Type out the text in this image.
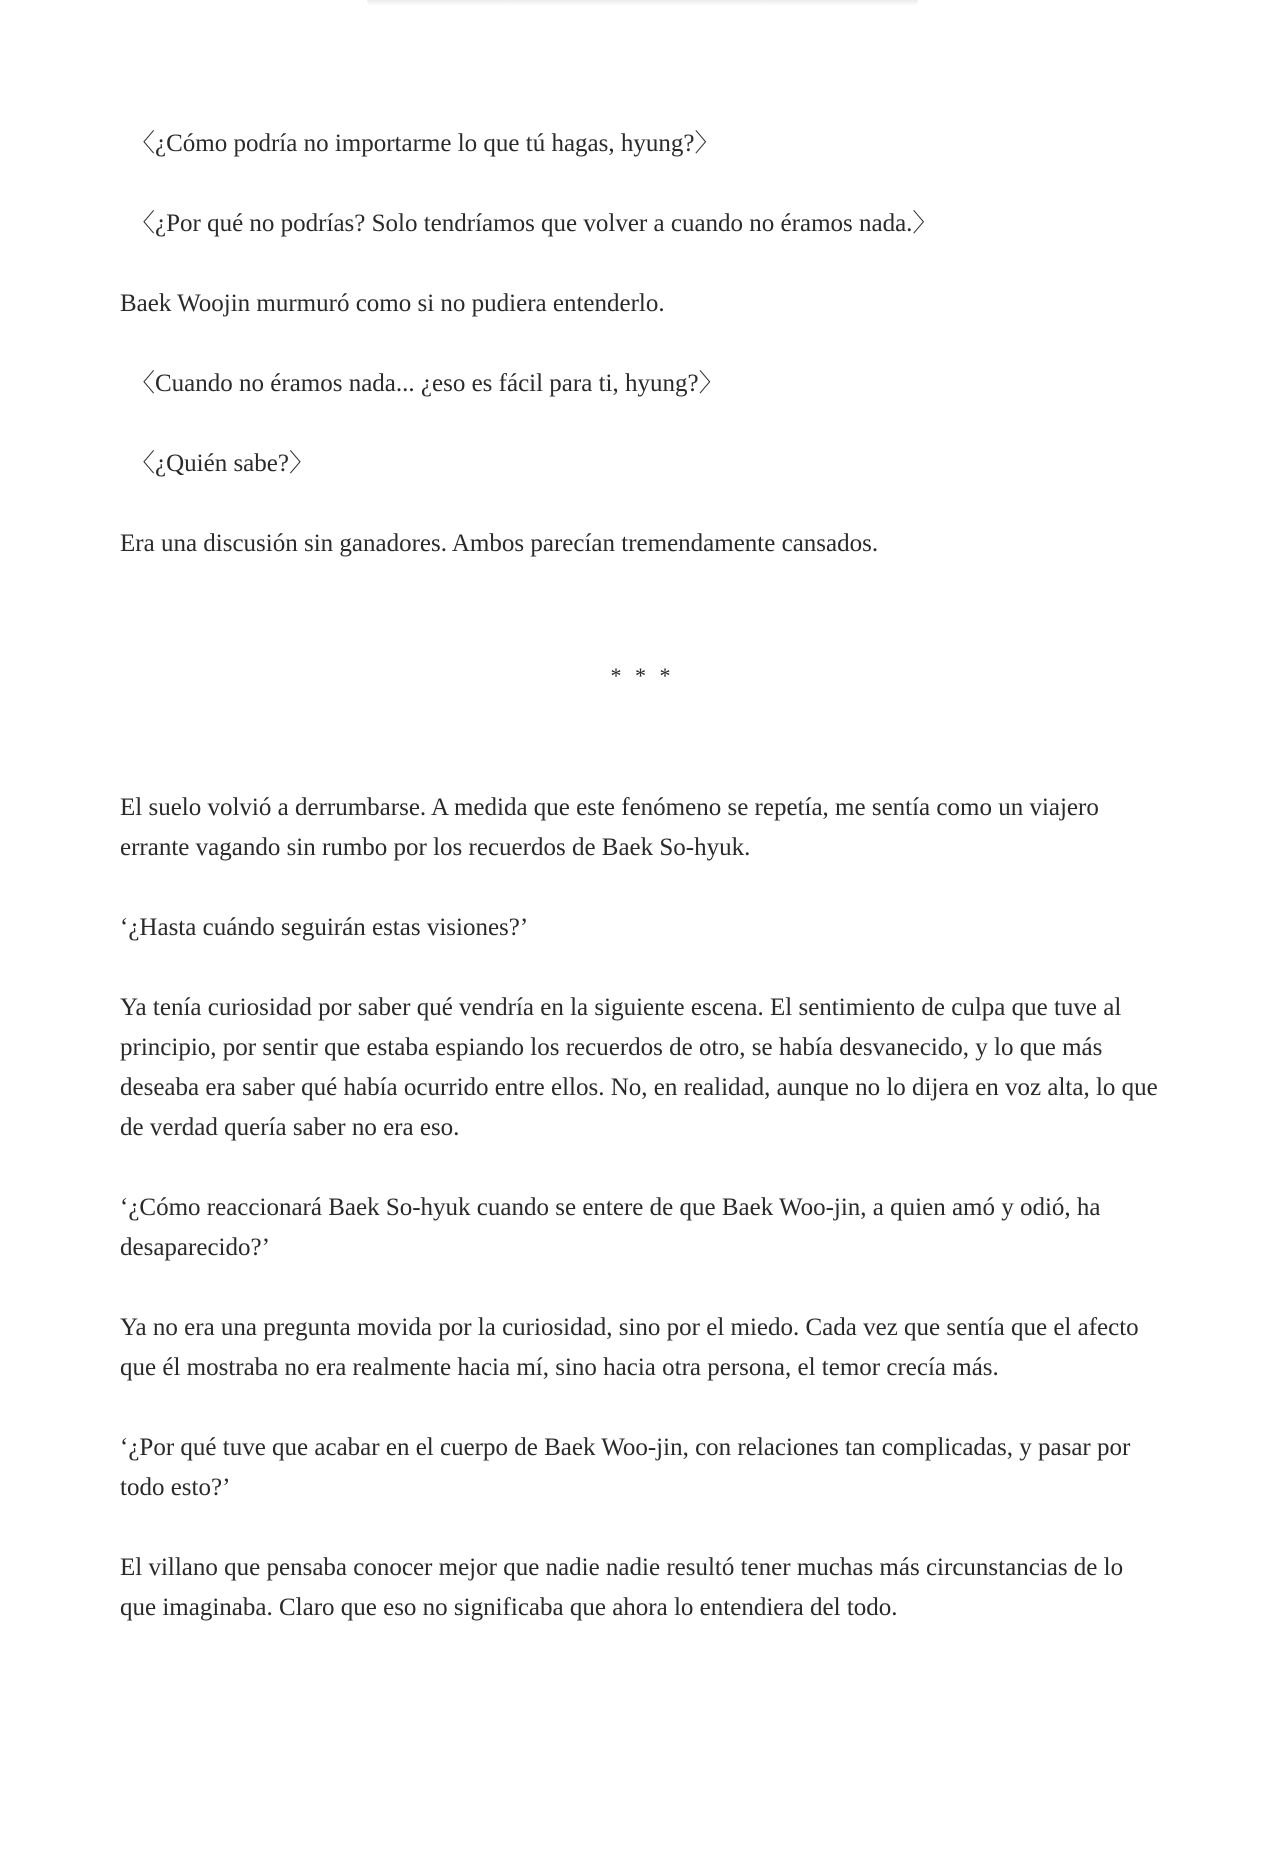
〈¿Cómo podría no importarme lo que tú hagas, hyung?〉

〈¿Por qué no podrías? Solo tendríamos que volver a cuando no éramos nada.〉

Baek Woojin murmuró como si no pudiera entenderlo.

〈Cuando no éramos nada... ¿eso es fácil para ti, hyung?〉

〈¿Quién sabe?〉

Era una discusión sin ganadores. Ambos parecían tremendamente cansados.

* * *

El suelo volvió a derrumbarse. A medida que este fenómeno se repetía, me sentía como un viajero errante vagando sin rumbo por los recuerdos de Baek So-hyuk.

‘¿Hasta cuándo seguirán estas visiones?’

Ya tenía curiosidad por saber qué vendría en la siguiente escena. El sentimiento de culpa que tuve al principio, por sentir que estaba espiando los recuerdos de otro, se había desvanecido, y lo que más deseaba era saber qué había ocurrido entre ellos. No, en realidad, aunque no lo dijera en voz alta, lo que de verdad quería saber no era eso.

‘¿Cómo reaccionará Baek So-hyuk cuando se entere de que Baek Woo-jin, a quien amó y odió, ha desaparecido?’

Ya no era una pregunta movida por la curiosidad, sino por el miedo. Cada vez que sentía que el afecto que él mostraba no era realmente hacia mí, sino hacia otra persona, el temor crecía más.

‘¿Por qué tuve que acabar en el cuerpo de Baek Woo-jin, con relaciones tan complicadas, y pasar por todo esto?’

El villano que pensaba conocer mejor que nadie nadie resultó tener muchas más circunstancias de lo que imaginaba. Claro que eso no significaba que ahora lo entendiera del todo.
